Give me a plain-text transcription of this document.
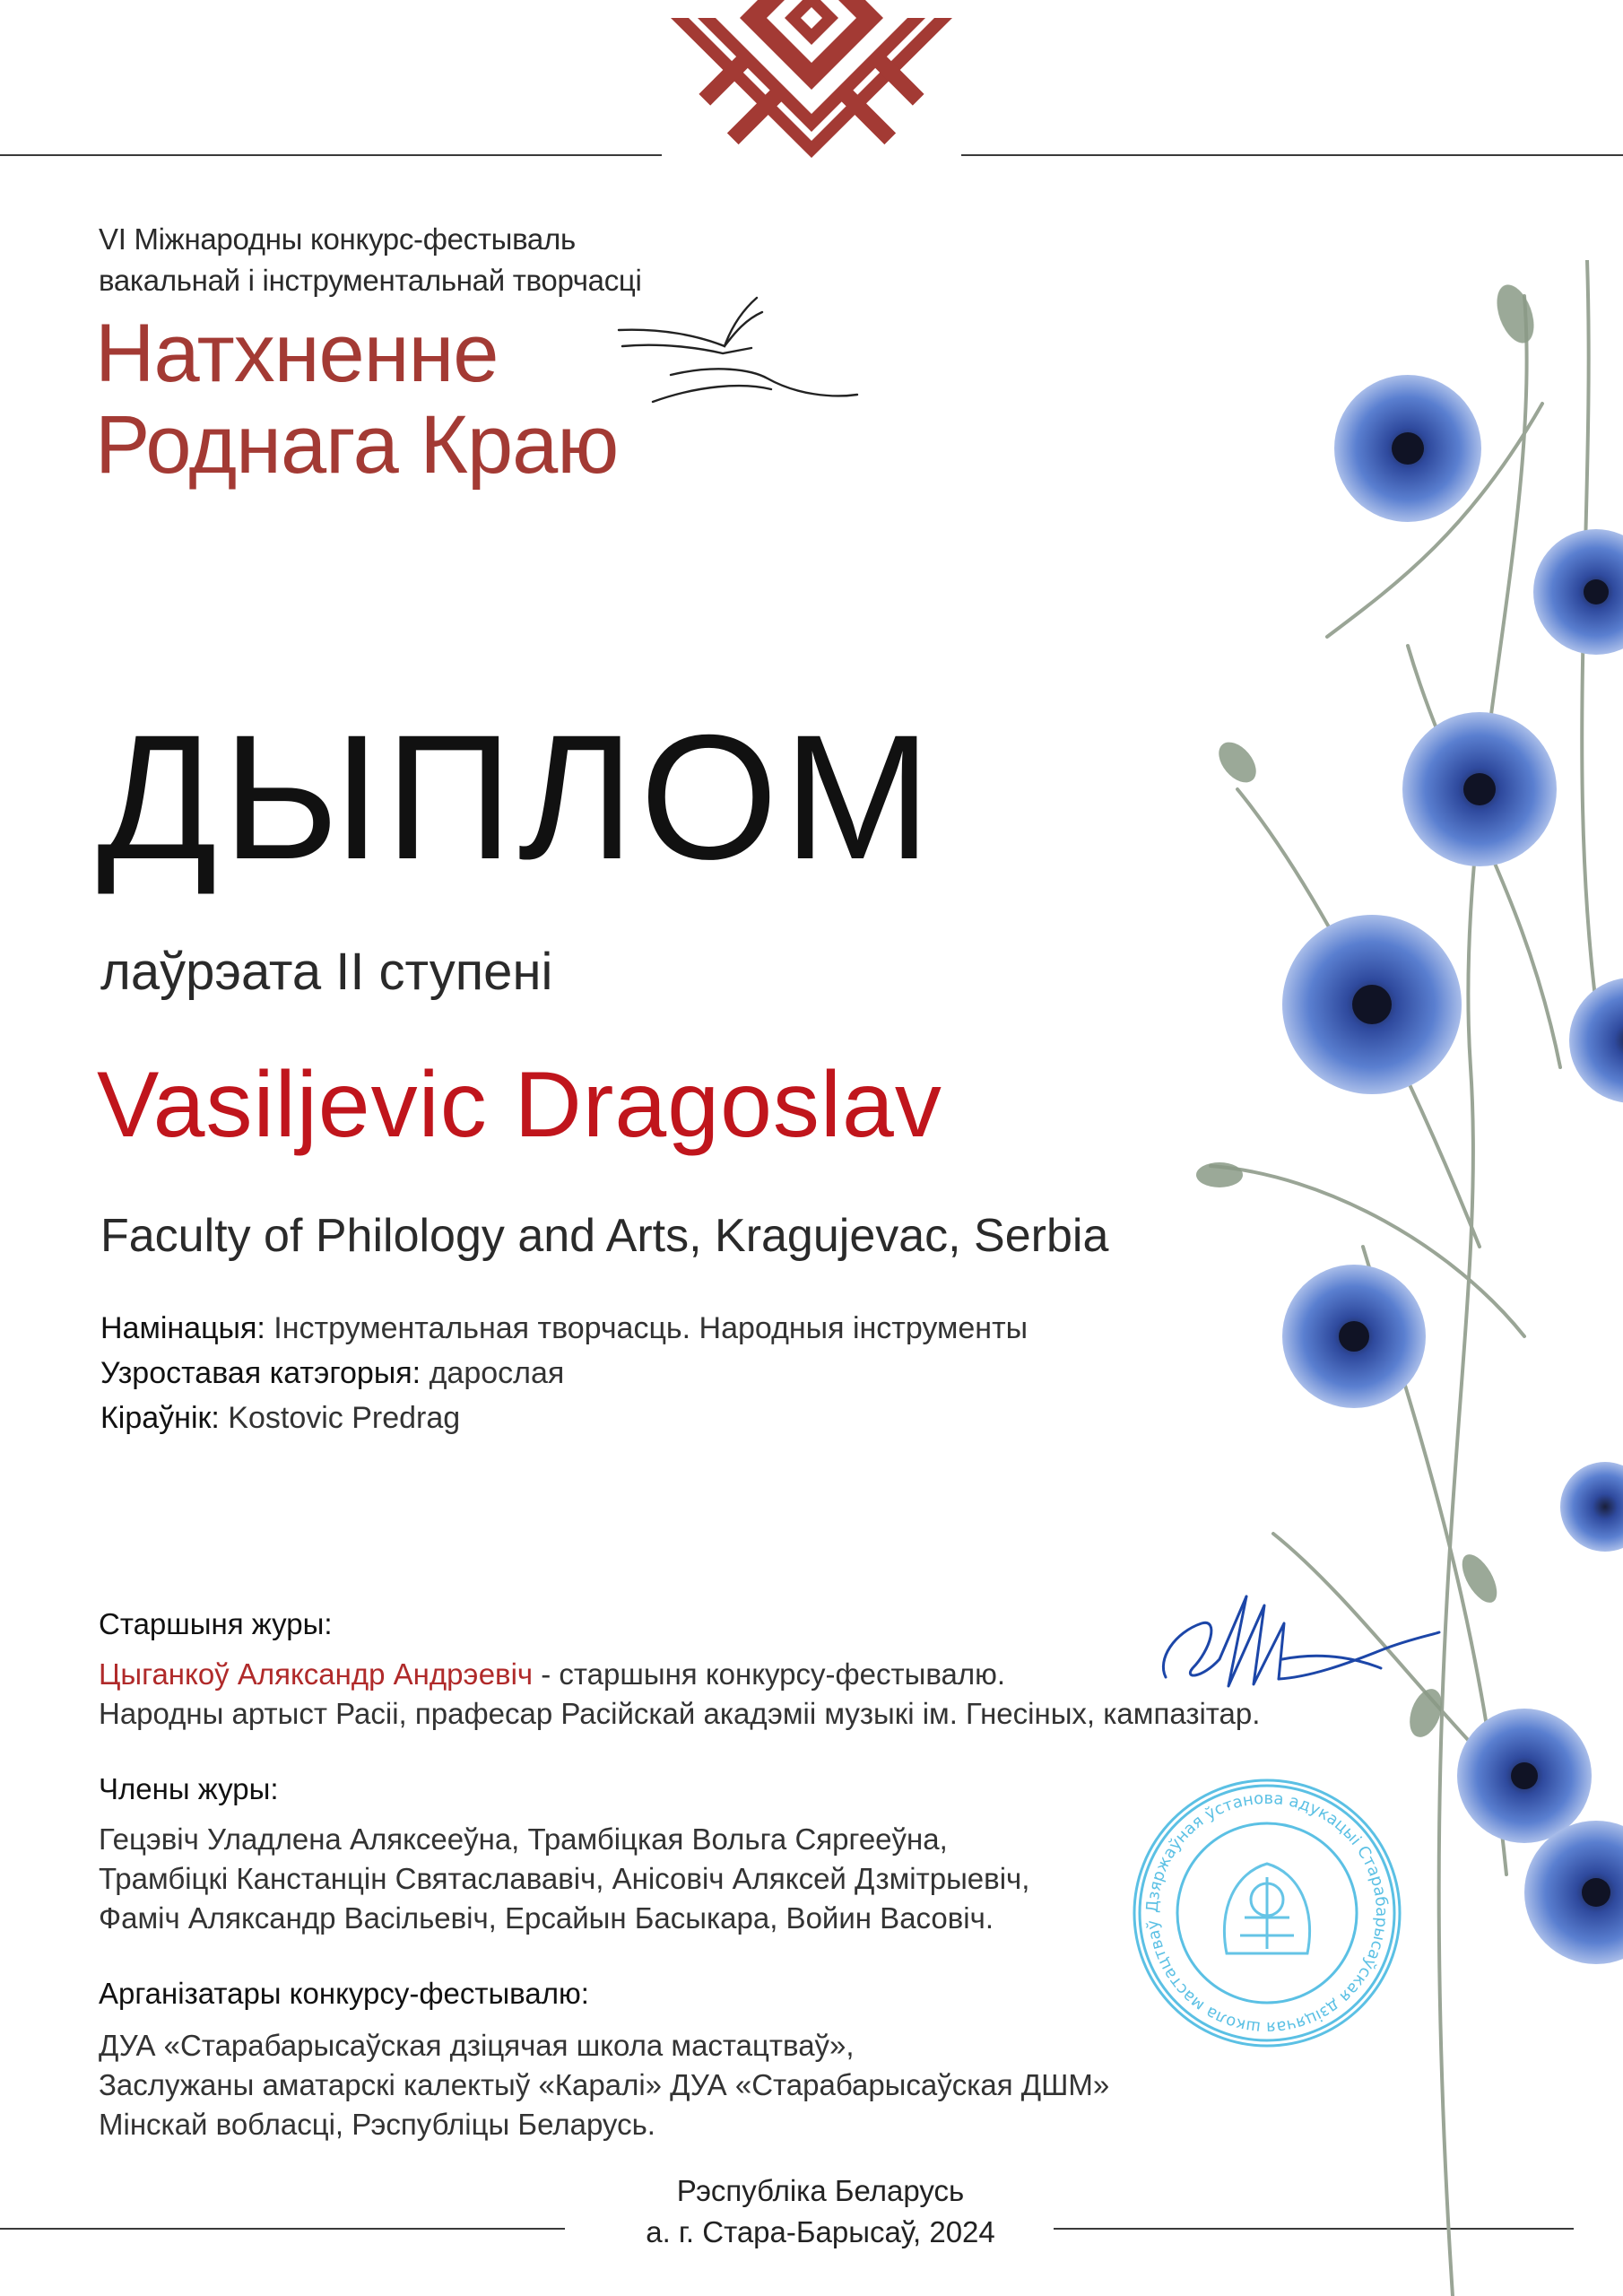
VI Міжнародны конкурс-фестываль
вакальнай і інструментальнай творчасці
Натхненне
Роднага Краю
ДЫПЛОМ
лаўрэата II ступені
Vasiljevic Dragoslav
Faculty of Philology and Arts, Kragujevac, Serbia
Намінацыя: Інструментальная творчасць. Народныя інструменты
Узроставая катэгорыя: дарослая
Кіраўнік: Kostovic Predrag
Старшыня журы:
Цыганкоў Аляксандр Андрэевіч - старшыня конкурсу-фестывалю.
Народны артыст Расіі, прафесар Расійскай акадэміі музыкі ім. Гнесіных, кампазітар.
Члены журы:
Гецэвіч Уладлена Аляксееўна, Трамбіцкая Вольга Сяргееўна,
Трамбіцкі Канстанцін Святаслававіч, Анісовіч Аляксей Дзмітрыевіч,
Фаміч Аляксандр Васільевіч, Ерсайын Басыкара, Войин Васовiч.
Арганізатары конкурсу-фестывалю:
ДУА «Старабарысаўская дзіцячая школа мастацтваў»,
Заслужаны аматарскі калектыў «Каралі» ДУА «Старабарысаўская ДШМ»
Мінскай вобласці, Рэспубліцы Беларусь.
Рэспубліка Беларусь
а. г. Стара-Барысаў, 2024
Дзяржаўная ўстанова адукацыі Старабарысаўская дзіцячая школа мастацтваў
